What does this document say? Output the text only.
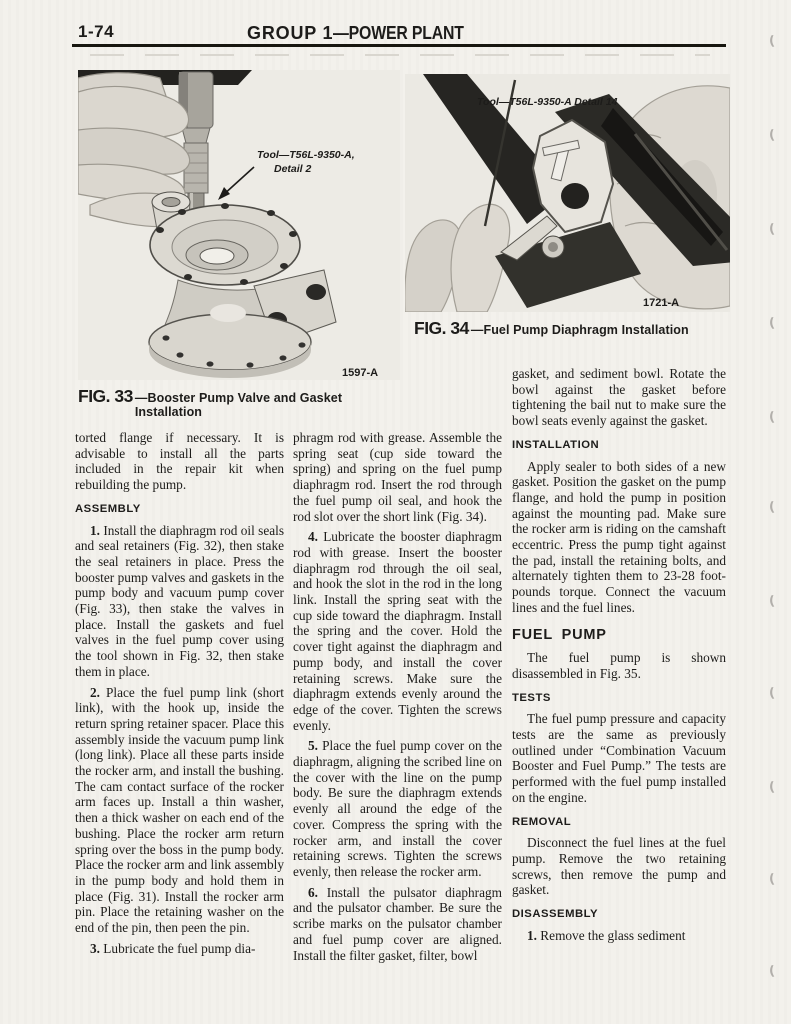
1-74	GROUP 1—POWER PLANT
Tool—T56L-9350-A,
Detail 2
1597-A
FIG. 33 —Booster Pump Valve and Gasket Installation
Tool—T56L-9350-A Detail 14
1721-A
FIG. 34 —Fuel Pump Diaphragm Installation

torted flange if necessary. It is advisable to install all the parts included in the repair kit when rebuilding the pump.

ASSEMBLY

1. Install the diaphragm rod oil seals and seal retainers (Fig. 32), then stake the seal retainers in place. Press the booster pump valves and gaskets in the pump body and vacuum pump cover (Fig. 33), then stake the valves in place. Install the gaskets and fuel valves in the fuel pump cover using the tool shown in Fig. 32, then stake them in place.

2. Place the fuel pump link (short link), with the hook up, inside the return spring retainer spacer. Place this assembly inside the vacuum pump link (long link). Place all these parts inside the rocker arm, and install the bushing. The cam contact surface of the rocker arm faces up. Install a thin washer, then a thick washer on each end of the bushing. Place the rocker arm return spring over the boss in the pump body. Place the rocker arm and link assembly in the pump body and hold them in place (Fig. 31). Install the rocker arm pin. Place the retaining washer on the end of the pin, then peen the pin.

3. Lubricate the fuel pump dia-

phragm rod with grease. Assemble the spring seat (cup side toward the spring) and spring on the fuel pump diaphragm rod. Insert the rod through the fuel pump oil seal, and hook the rod slot over the short link (Fig. 34).

4. Lubricate the booster diaphragm rod with grease. Insert the booster diaphragm rod through the oil seal, and hook the slot in the rod in the long link. Install the spring seat with the cup side toward the diaphragm. Install the spring and the cover. Hold the cover tight against the diaphragm and pump body, and install the cover retaining screws. Make sure the diaphragm extends evenly around the edge of the cover. Tighten the screws evenly.

5. Place the fuel pump cover on the diaphragm, aligning the scribed line on the cover with the line on the pump body. Be sure the diaphragm extends evenly all around the edge of the cover. Compress the spring with the rocker arm, and install the cover retaining screws. Tighten the screws evenly, then release the rocker arm.

6. Install the pulsator diaphragm and the pulsator chamber. Be sure the scribe marks on the pulsator chamber and fuel pump cover are aligned. Install the filter gasket, filter, bowl

gasket, and sediment bowl. Rotate the bowl against the gasket before tightening the bail nut to make sure the bowl seats evenly against the gasket.

INSTALLATION

Apply sealer to both sides of a new gasket. Position the gasket on the pump flange, and hold the pump in position against the mounting pad. Make sure the rocker arm is riding on the camshaft eccentric. Press the pump tight against the pad, install the retaining bolts, and alternately tighten them to 23-28 foot-pounds torque. Connect the vacuum lines and the fuel lines.

FUEL PUMP

The fuel pump is shown disassembled in Fig. 35.

TESTS

The fuel pump pressure and capacity tests are the same as previously outlined under “Combination Vacuum Booster and Fuel Pump.” The tests are performed with the fuel pump installed on the engine.

REMOVAL

Disconnect the fuel lines at the fuel pump. Remove the two retaining screws, then remove the pump and gasket.

DISASSEMBLY

1. Remove the glass sediment

(
(
(
(
(
(
(
(
(
(
(
